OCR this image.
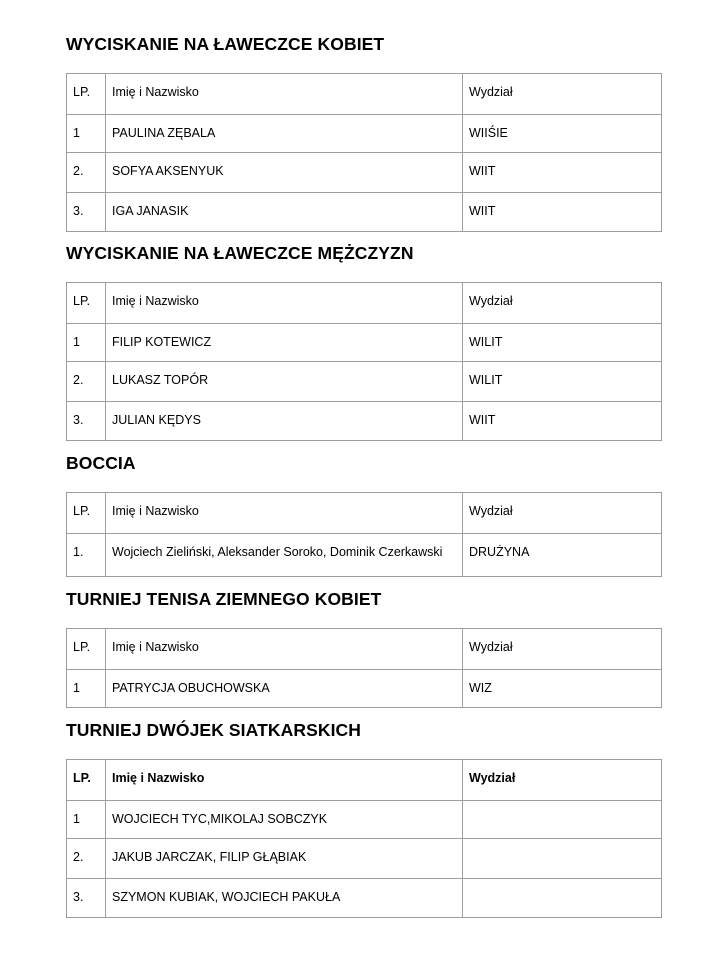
WYCISKANIE NA ŁAWECZCE KOBIET
LP.	Imię i Nazwisko	Wydział
1	PAULINA ZĘBALA	WIIŚIE
2.	SOFYA AKSENYUK	WIIT
3.	IGA JANASIK	WIIT
WYCISKANIE NA ŁAWECZCE MĘŻCZYZN
LP.	Imię i Nazwisko	Wydział
1	FILIP KOTEWICZ	WILIT
2.	LUKASZ TOPÓR	WILIT
3.	JULIAN KĘDYS	WIIT
BOCCIA
LP.	Imię i Nazwisko	Wydział
1.	Wojciech Zieliński, Aleksander Soroko, Dominik Czerkawski	DRUŻYNA
TURNIEJ TENISA ZIEMNEGO KOBIET
LP.	Imię i Nazwisko	Wydział
1	PATRYCJA OBUCHOWSKA	WIZ
TURNIEJ DWÓJEK SIATKARSKICH
LP.	Imię i Nazwisko	Wydział
1	WOJCIECH TYC,MIKOLAJ SOBCZYK	
2.	JAKUB JARCZAK, FILIP GŁĄBIAK	
3.	SZYMON KUBIAK, WOJCIECH PAKUŁA	
